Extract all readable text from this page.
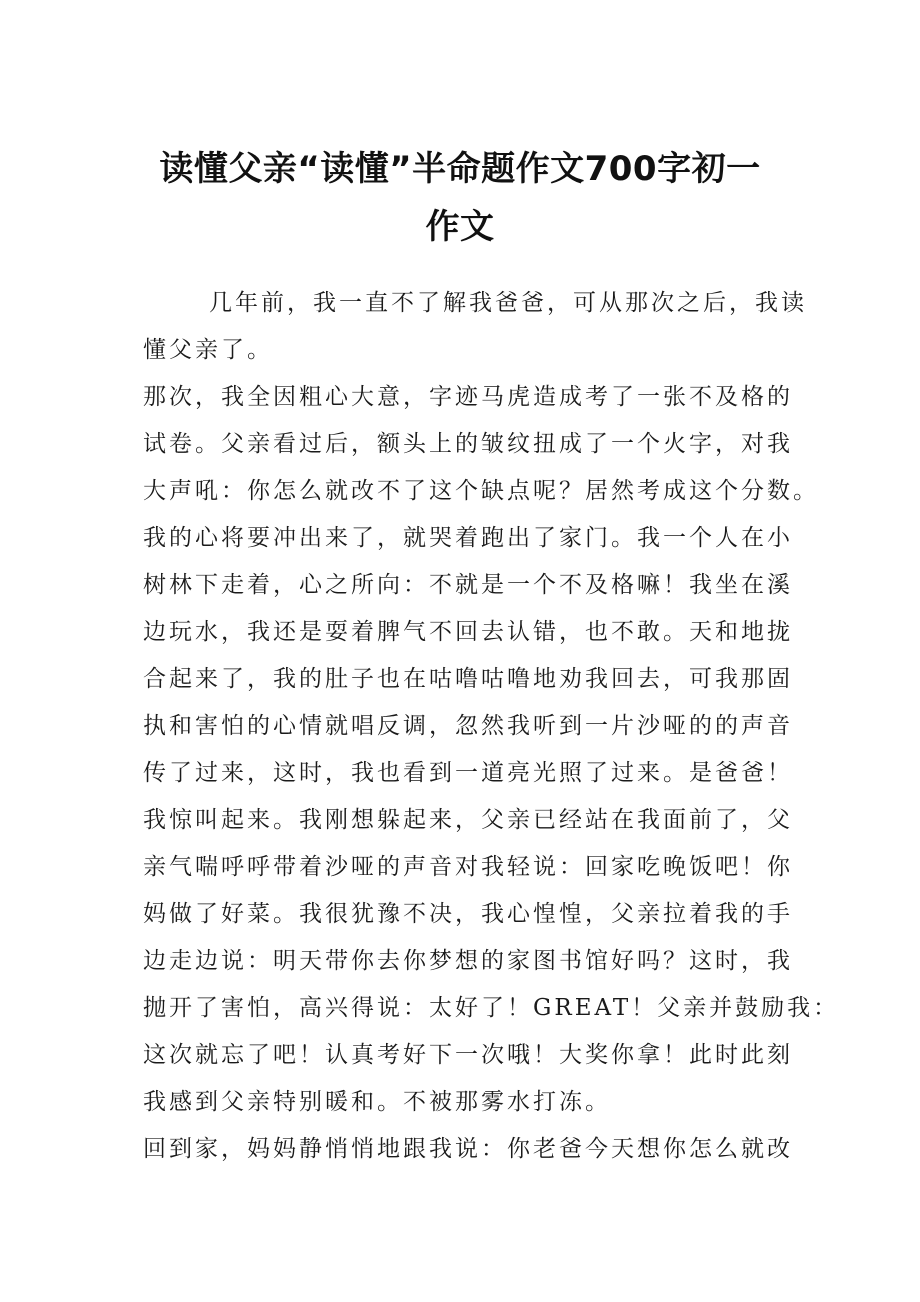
读懂父亲“读懂”半命题作文700字初一
作文
几年前，我一直不了解我爸爸，可从那次之后，我读
懂父亲了。
那次，我全因粗心大意，字迹马虎造成考了一张不及格的
试卷。父亲看过后，额头上的皱纹扭成了一个火字，对我
大声吼：你怎么就改不了这个缺点呢？居然考成这个分数。
我的心将要冲出来了，就哭着跑出了家门。我一个人在小
树林下走着，心之所向：不就是一个不及格嘛！我坐在溪
边玩水，我还是耍着脾气不回去认错，也不敢。天和地拢
合起来了，我的肚子也在咕噜咕噜地劝我回去，可我那固
执和害怕的心情就唱反调，忽然我听到一片沙哑的的声音
传了过来，这时，我也看到一道亮光照了过来。是爸爸！
我惊叫起来。我刚想躲起来，父亲已经站在我面前了，父
亲气喘呼呼带着沙哑的声音对我轻说：回家吃晚饭吧！你
妈做了好菜。我很犹豫不决，我心惶惶，父亲拉着我的手
边走边说：明天带你去你梦想的家图书馆好吗？这时，我
抛开了害怕，高兴得说：太好了！GREAT！父亲并鼓励我：
这次就忘了吧！认真考好下一次哦！大奖你拿！此时此刻
我感到父亲特别暖和。不被那雾水打冻。
回到家，妈妈静悄悄地跟我说：你老爸今天想你怎么就改
